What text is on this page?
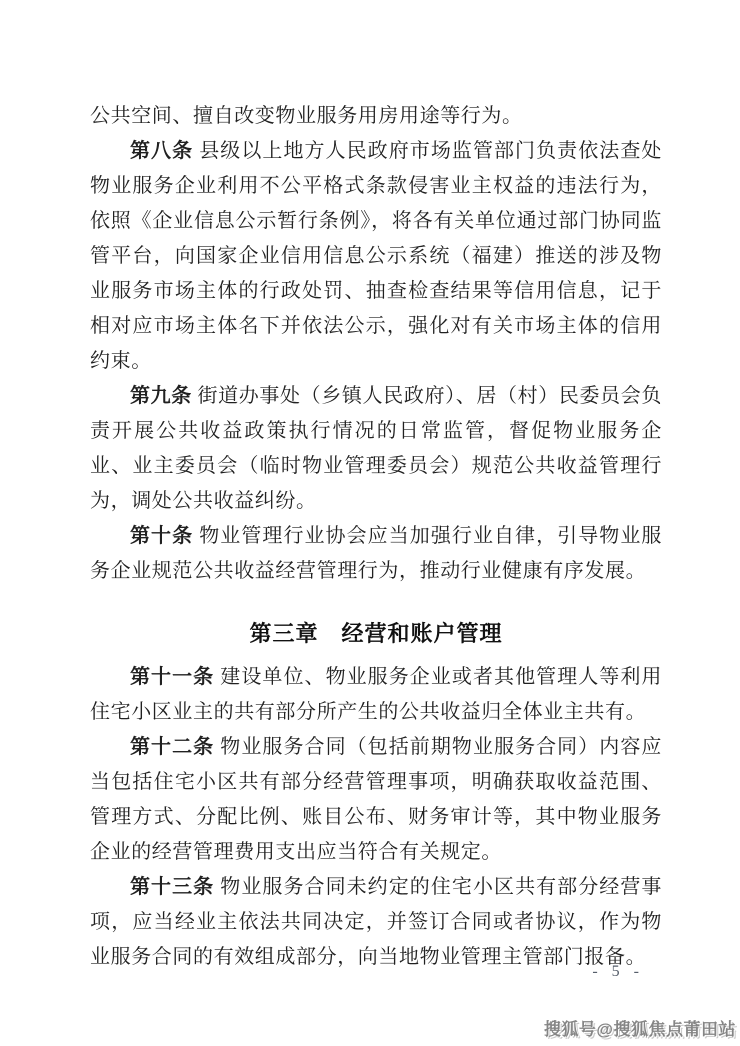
公共空间、擅自改变物业服务用房用途等行为。

第八条 县级以上地方人民政府市场监管部门负责依法查处物业服务企业利用不公平格式条款侵害业主权益的违法行为，依照《企业信息公示暂行条例》，将各有关单位通过部门协同监管平台，向国家企业信用信息公示系统（福建）推送的涉及物业服务市场主体的行政处罚、抽查检查结果等信用信息，记于相对应市场主体名下并依法公示，强化对有关市场主体的信用约束。

第九条 街道办事处（乡镇人民政府）、居（村）民委员会负责开展公共收益政策执行情况的日常监管，督促物业服务企业、业主委员会（临时物业管理委员会）规范公共收益管理行为，调处公共收益纠纷。

第十条 物业管理行业协会应当加强行业自律，引导物业服务企业规范公共收益经营管理行为，推动行业健康有序发展。

第三章　经营和账户管理

第十一条 建设单位、物业服务企业或者其他管理人等利用住宅小区业主的共有部分所产生的公共收益归全体业主共有。

第十二条 物业服务合同（包括前期物业服务合同）内容应当包括住宅小区共有部分经营管理事项，明确获取收益范围、管理方式、分配比例、账目公布、财务审计等，其中物业服务企业的经营管理费用支出应当符合有关规定。

第十三条 物业服务合同未约定的住宅小区共有部分经营事项，应当经业主依法共同决定，并签订合同或者协议，作为物业服务合同的有效组成部分，向当地物业管理主管部门报备。

- 5 -
搜狐号@搜狐焦点莆田站
